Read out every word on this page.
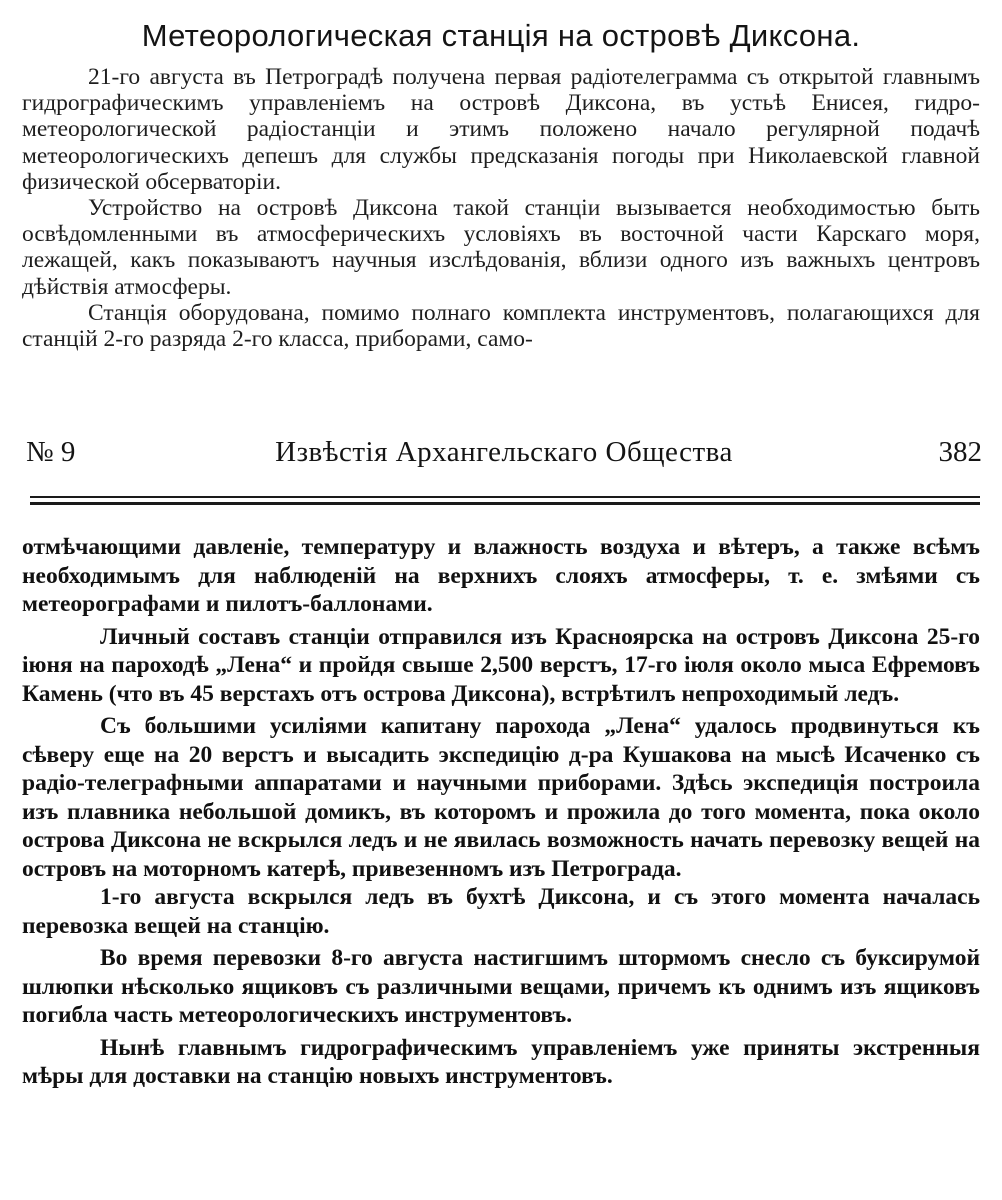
Метеорологическая станція на островѣ Диксона.

21-го августа въ Петроградѣ получена первая радіотелеграмма съ открытой главнымъ гидрографическимъ управленіемъ на островѣ Диксона, въ устьѣ Енисея, гидро-метеорологической радіостанціи и этимъ положено начало регулярной подачѣ метеорологическихъ депешъ для службы предсказанія погоды при Николаевской главной физической обсерваторіи.

Устройство на островѣ Диксона такой станціи вызывается необходимостью быть освѣдомленными въ атмосферическихъ условіяхъ въ восточной части Карскаго моря, лежащей, какъ показываютъ научныя изслѣдованія, вблизи одного изъ важныхъ центровъ дѣйствія атмосферы.

Станція оборудована, помимо полнаго комплекта инструментовъ, полагающихся для станцій 2-го разряда 2-го класса, приборами, само-

Извѣстія Архангельскаго Общества
№ 9	382

отмѣчающими давленіе, температуру и влажность воздуха и вѣтеръ, а также всѣмъ необходимымъ для наблюденій на верхнихъ слояхъ атмосферы, т. е. змѣями съ метеорографами и пилотъ-баллонами.

Личный составъ станціи отправился изъ Красноярска на островъ Диксона 25-го іюня на пароходѣ „Лена“ и пройдя свыше 2,500 верстъ, 17-го іюля около мыса Ефремовъ Камень (что въ 45 верстахъ отъ острова Диксона), встрѣтилъ непроходимый ледъ.

Съ большими усиліями капитану парохода „Лена“ удалось продвинуться къ сѣверу еще на 20 верстъ и высадить экспедицію д-ра Кушакова на мысѣ Исаченко съ радіо-телеграфными аппаратами и научными приборами. Здѣсь экспедиція построила изъ плавника небольшой домикъ, въ которомъ и прожила до того момента, пока около острова Диксона не вскрылся ледъ и не явилась возможность начать перевозку вещей на островъ на моторномъ катерѣ, привезенномъ изъ Петрограда.

1-го августа вскрылся ледъ въ бухтѣ Диксона, и съ этого момента началась перевозка вещей на станцію.

Во время перевозки 8-го августа настигшимъ штормомъ снесло съ буксирумой шлюпки нѣсколько ящиковъ съ различными вещами, причемъ къ однимъ изъ ящиковъ погибла часть метеорологическихъ инструментовъ.

Нынѣ главнымъ гидрографическимъ управленіемъ уже приняты экстренныя мѣры для доставки на станцію новыхъ инструментовъ.
